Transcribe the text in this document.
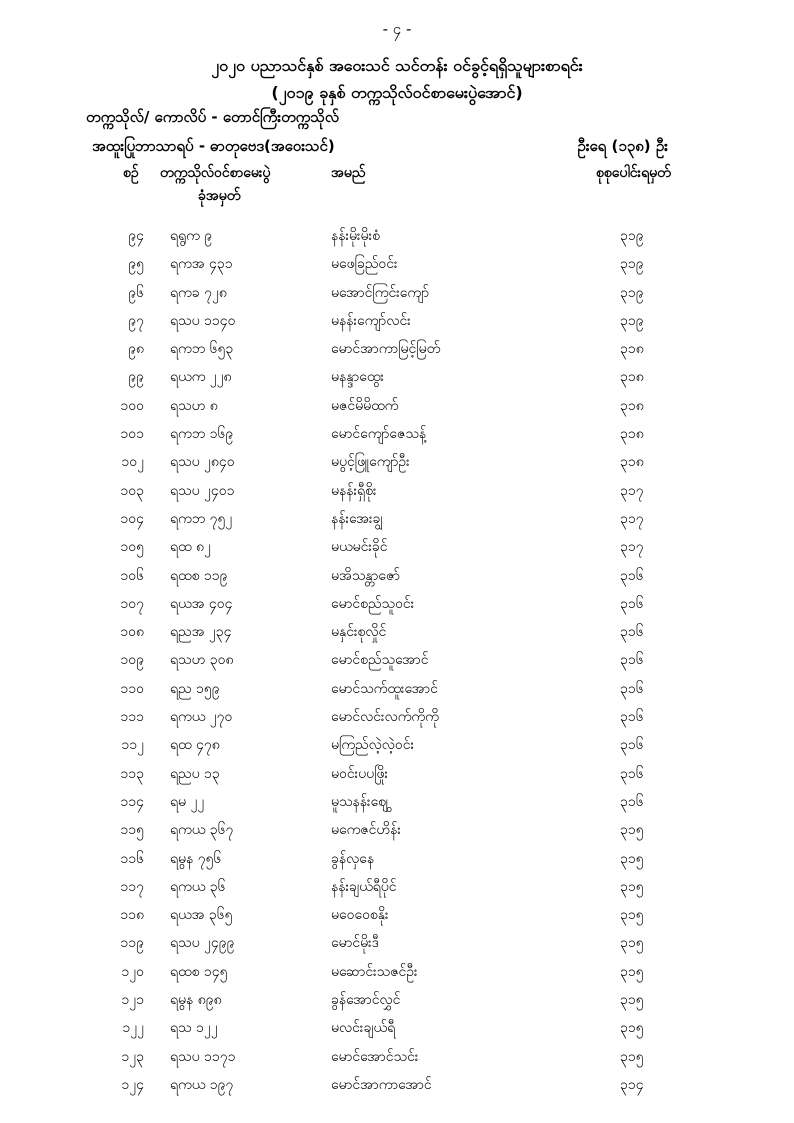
- ၄ -
၂၀၂၀ ပညာသင်နှစ် အဝေးသင် သင်တန်း ဝင်ခွင့်ရရှိသူများစာရင်း
(၂၀၁၉ ခုနှစ် တက္ကသိုလ်ဝင်စာမေးပွဲအောင်)
တက္ကသိုလ်/ ကောလိပ် - တောင်ကြီးတက္ကသိုလ်
အထူးပြုဘာသာရပ် - ဓာတုဗေဒ(အဝေးသင်)	ဦးရေ (၁၃၈) ဦး
စဉ် တက္ကသိုလ်ဝင်စာမေးပွဲ
ခုံအမှတ်
အမည်	စုစုပေါင်းရမှတ်
၉၄ ရရွက ၉	နန်းမိုးမိုးစံ	၃၁၉
၉၅ ရကအ ၄၃၁	မဖေခြည်ဝင်း	၃၁၉
၉၆ ရကခ ၇၂၈	မအောင်ကြင်းကျော်	၃၁၉
၉၇ ရသပ ၁၁၄၀	မနန်းကျော်လင်း	၃၁၉
၉၈ ရကဘ ၆၅၃	မောင်အာကာမြင့်မြတ်	၃၁၈
၉၉ ရယက ၂၂၈	မနန္ဒာထွေး	၃၁၈
၁၀၀ ရသဟ ၈	မဇင်မိမိထက်	၃၁၈
၁၀၁ ရကဘ ၁၆၉	မောင်ကျော်ဇေသန့်	၃၁၈
၁၀၂ ရသပ ၂၈၄၀	မပွင့်ဖြူကျော်ဦး	၃၁၈
၁၀၃ ရသပ ၂၄၀၁	မနန်းရှီစိုး	၃၁၇
၁၀၄ ရကဘ ၇၅၂	နန်းအေးချွ	၃၁၇
၁၀၅ ရထ ၈၂	မယမင်းခိုင်	၃၁၇
၁၀၆ ရထစ ၁၁၉	မအိသန္တာဇော်	၃၁၆
၁၀၇ ရယအ ၄၀၄	မောင်စည်သူဝင်း	၃၁၆
၁၀၈ ရညအ ၂၃၄	မနှင်းစုလှိုင်	၃၁၆
၁၀၉ ရသဟ ၃၀၈	မောင်စည်သူအောင်	၃၁၆
၁၁၀ ရည ၁၅၉	မောင်သက်ထူးအောင်	၃၁၆
၁၁၁ ရကယ ၂၇၀	မောင်လင်းလက်ကိုကို	၃၁၆
၁၁၂ ရထ ၄၇၈	မကြည်လဲ့လဲ့ဝင်း	၃၁၆
၁၁၃ ရညပ ၁၃	မဝင်းပပဖြိုး	၃၁၆
၁၁၄ ရမ ၂၂	မူသနန်းဈွေ	၃၁၆
၁၁၅ ရကယ ၃၆၇	မကေဇင်ဟိန်း	၃၁၅
၁၁၆ ရမွန ၇၅၆	ခွန်လှနေ	၃၁၅
၁၁၇ ရကယ ၃၆	နန်းချယ်ရီပိုင်	၃၁၅
၁၁၈ ရယအ ၃၆၅	မဝေဝေစနိုး	၃၁၅
၁၁၉ ရသပ ၂၄၉၉	မောင်မိုးဒီ	၃၁၅
၁၂၀ ရထစ ၁၄၅	မဆောင်းသဇင်ဦး	၃၁၅
၁၂၁ ရမွန ၈၉၈	ခွန်အောင်လွှင်	၃၁၅
၁၂၂ ရသ ၁၂၂	မလင်းချယ်ရီ	၃၁၅
၁၂၃ ရသပ ၁၁၇၁	မောင်အောင်သင်း	၃၁၅
၁၂၄ ရကယ ၁၉၇	မောင်အာကာအောင်	၃၁၄
